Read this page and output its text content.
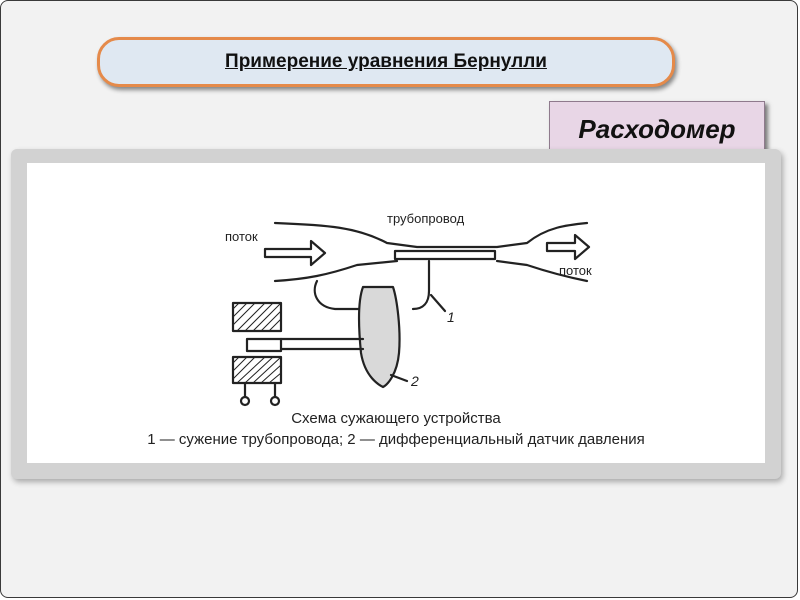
Примерение уравнения Бернулли
Расходомер
поток
трубопровод
поток
1
2
Схема сужающего устройства
1 — сужение трубопровода; 2 — дифференциальный датчик давления
